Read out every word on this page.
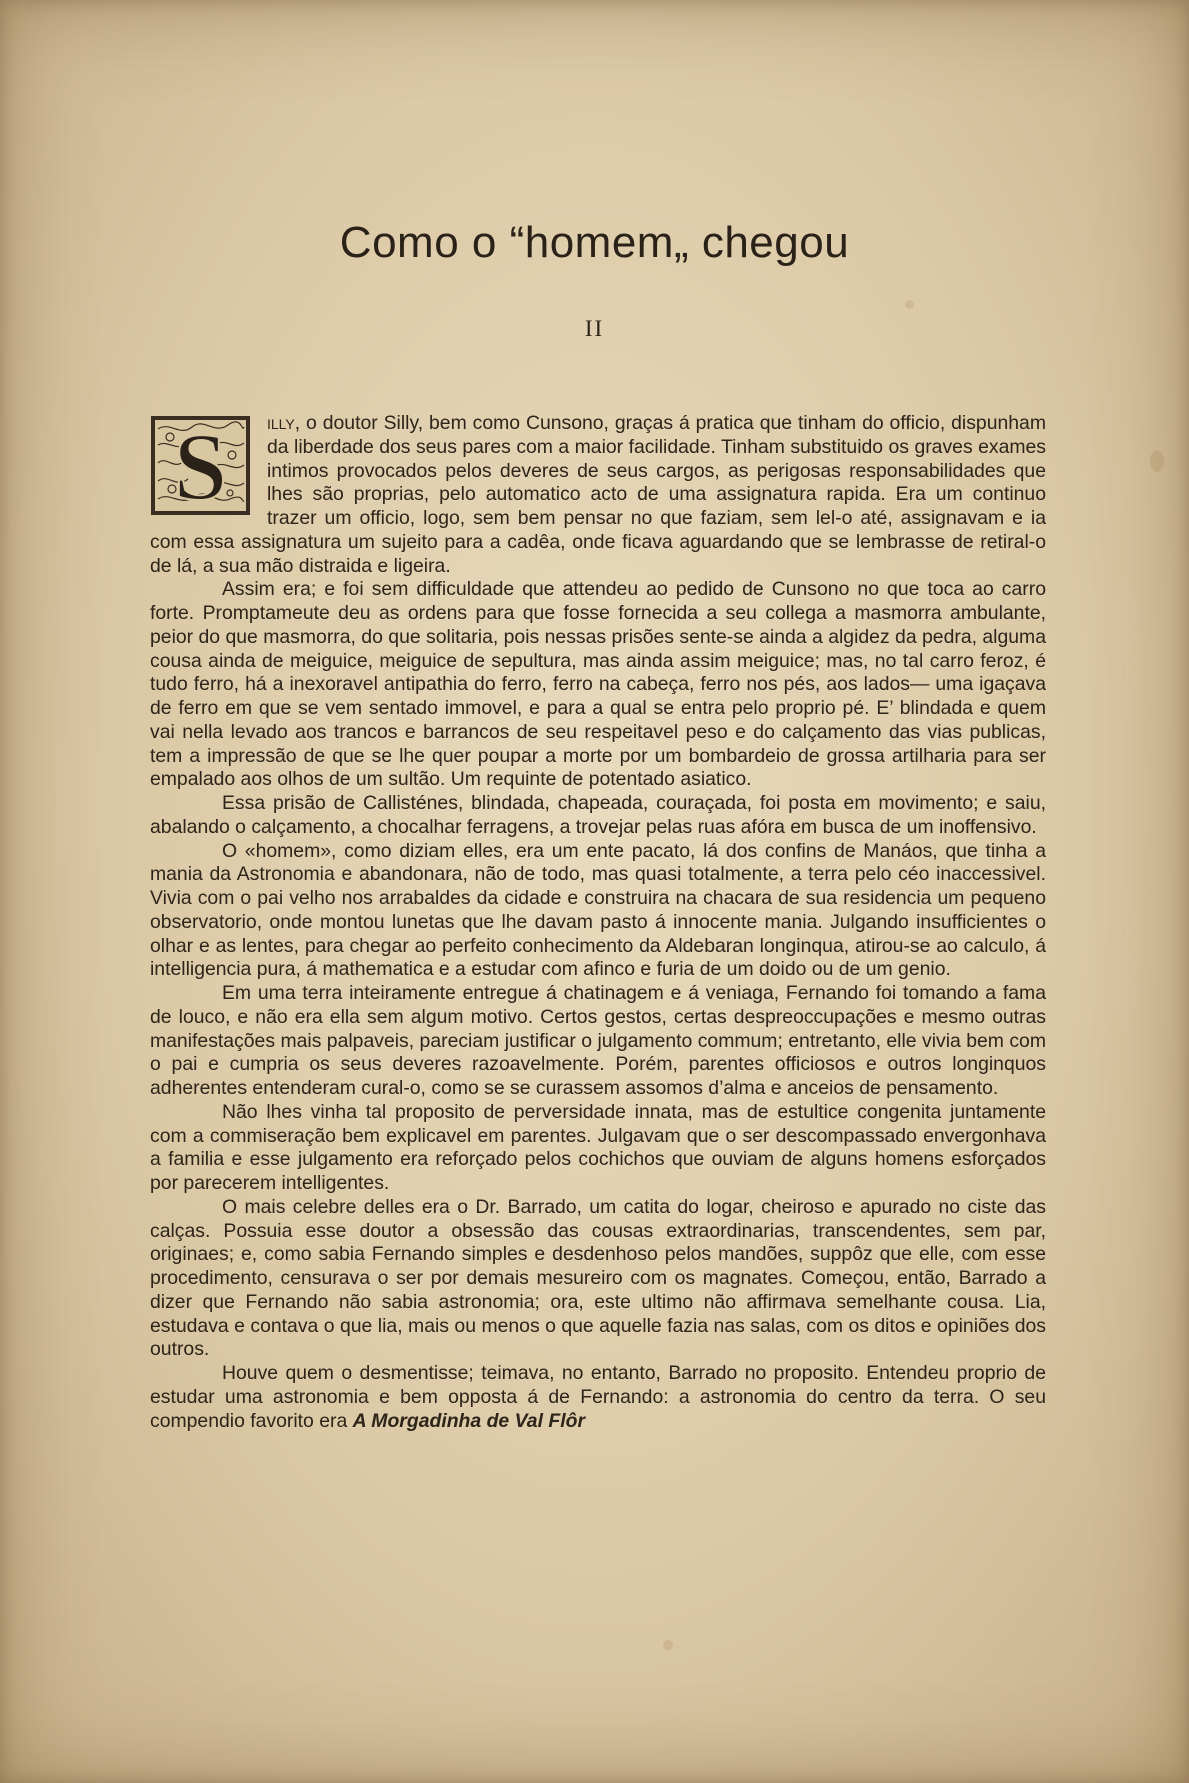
Como o “homem„ chegou
II

S illy, o doutor Silly, bem como Cunsono, graças á pratica que tinham do officio, dispunham da liberdade dos seus pares com a maior facilidade. Tinham substituido os graves exames intimos provocados pelos deveres de seus cargos, as perigosas responsabilidades que lhes são proprias, pelo automatico acto de uma assignatura rapida. Era um continuo trazer um officio, logo, sem bem pensar no que faziam, sem lel-o até, assignavam e ia com essa assignatura um sujeito para a cadêa, onde ficava aguardando que se lembrasse de retiral-o de lá, a sua mão distraida e ligeira.

Assim era; e foi sem difficuldade que attendeu ao pedido de Cunsono no que toca ao carro forte. Promptameute deu as ordens para que fosse fornecida a seu collega a masmorra ambulante, peior do que masmorra, do que solitaria, pois nessas prisões sente-se ainda a algidez da pedra, alguma cousa ainda de meiguice, meiguice de sepultura, mas ainda assim meiguice; mas, no tal carro feroz, é tudo ferro, há a inexoravel antipathia do ferro, ferro na cabeça, ferro nos pés, aos lados— uma igaçava de ferro em que se vem sentado immovel, e para a qual se entra pelo proprio pé. E’ blindada e quem vai nella levado aos trancos e barrancos de seu respeitavel peso e do calçamento das vias publicas, tem a impressão de que se lhe quer poupar a morte por um bombardeio de grossa artilharia para ser empalado aos olhos de um sultão. Um requinte de potentado asiatico.

Essa prisão de Callisténes, blindada, chapeada, couraçada, foi posta em movimento; e saiu, abalando o calçamento, a chocalhar ferragens, a trovejar pelas ruas afóra em busca de um inoffensivo.

O «homem», como diziam elles, era um ente pacato, lá dos confins de Manáos, que tinha a mania da Astronomia e abandonara, não de todo, mas quasi totalmente, a terra pelo céo inaccessivel. Vivia com o pai velho nos arrabaldes da cidade e construira na chacara de sua residencia um pequeno observatorio, onde montou lunetas que lhe davam pasto á innocente mania. Julgando insufficientes o olhar e as lentes, para chegar ao perfeito conhecimento da Aldebaran longinqua, atirou-se ao calculo, á intelligencia pura, á mathematica e a estudar com afinco e furia de um doido ou de um genio.

Em uma terra inteiramente entregue á chatinagem e á veniaga, Fernando foi tomando a fama de louco, e não era ella sem algum motivo. Certos gestos, certas despreoccupações e mesmo outras manifestações mais palpaveis, pareciam justificar o julgamento commum; entretanto, elle vivia bem com o pai e cumpria os seus deveres razoavelmente. Porém, parentes officiosos e outros longinquos adherentes entenderam cural-o, como se se curassem assomos d’alma e anceios de pensamento.

Não lhes vinha tal proposito de perversidade innata, mas de estultice congenita juntamente com a commiseração bem explicavel em parentes. Julgavam que o ser descompassado envergonhava a familia e esse julgamento era reforçado pelos cochichos que ouviam de alguns homens esforçados por parecerem intelligentes.

O mais celebre delles era o Dr. Barrado, um catita do logar, cheiroso e apurado no ciste das calças. Possuia esse doutor a obsessão das cousas extraordinarias, transcendentes, sem par, originaes; e, como sabia Fernando simples e desdenhoso pelos mandões, suppôz que elle, com esse procedimento, censurava o ser por demais mesureiro com os magnates. Começou, então, Barrado a dizer que Fernando não sabia astronomia; ora, este ultimo não affirmava semelhante cousa. Lia, estudava e contava o que lia, mais ou menos o que aquelle fazia nas salas, com os ditos e opiniões dos outros.

Houve quem o desmentisse; teimava, no entanto, Barrado no proposito. Entendeu proprio de estudar uma astronomia e bem opposta á de Fernando: a astronomia do centro da terra. O seu compendio favorito era A Morgadinha de Val Flôr
